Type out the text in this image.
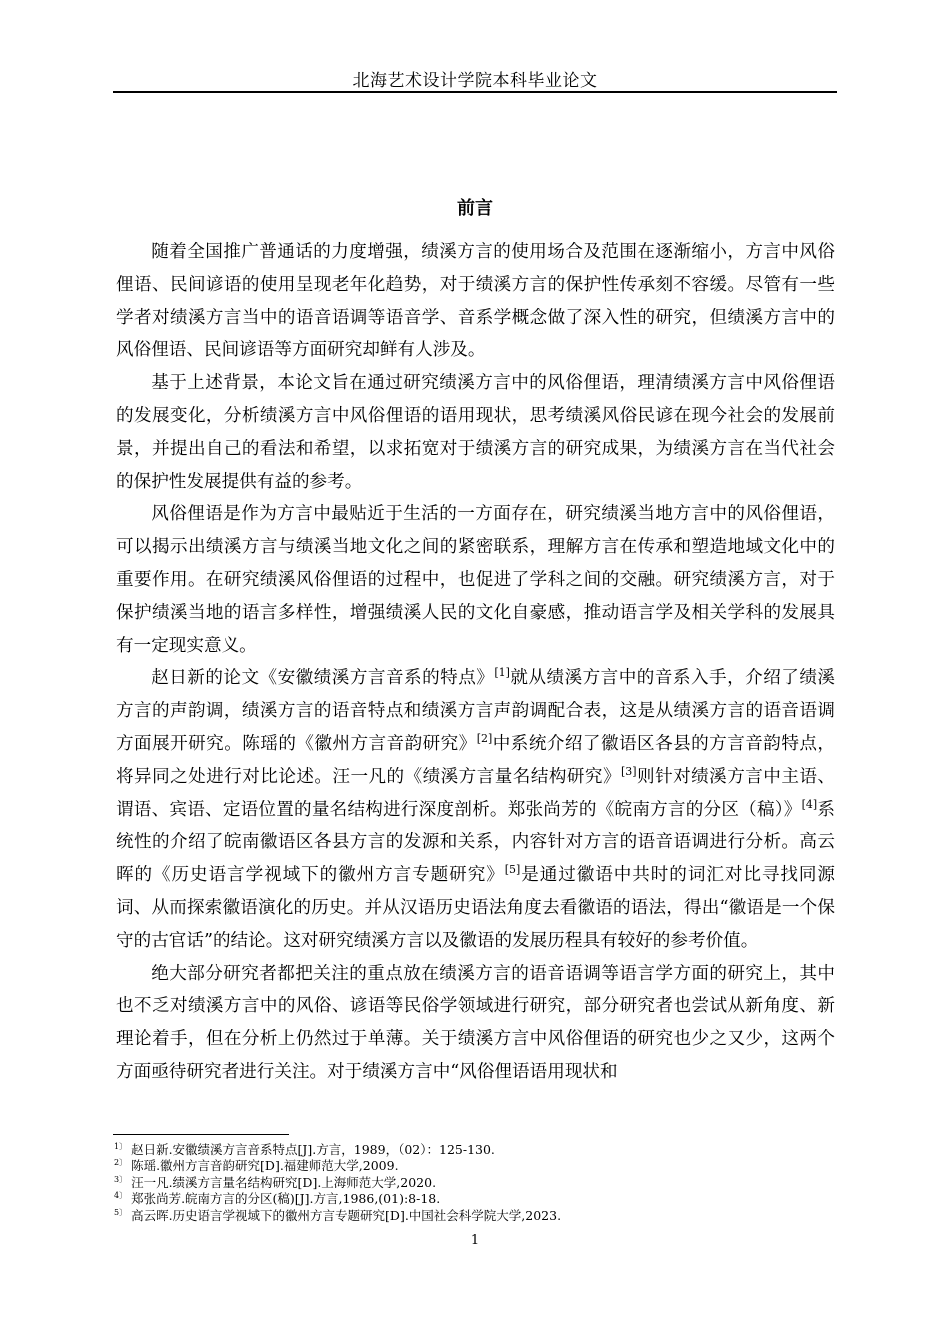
北海艺术设计学院本科毕业论文
前言

随着全国推广普通话的力度增强，绩溪方言的使用场合及范围在逐渐缩小，方言中风俗俚语、民间谚语的使用呈现老年化趋势，对于绩溪方言的保护性传承刻不容缓。尽管有一些学者对绩溪方言当中的语音语调等语音学、音系学概念做了深入性的研究，但绩溪方言中的风俗俚语、民间谚语等方面研究却鲜有人涉及。

基于上述背景，本论文旨在通过研究绩溪方言中的风俗俚语，理清绩溪方言中风俗俚语的发展变化，分析绩溪方言中风俗俚语的语用现状，思考绩溪风俗民谚在现今社会的发展前景，并提出自己的看法和希望，以求拓宽对于绩溪方言的研究成果，为绩溪方言在当代社会的保护性发展提供有益的参考。

风俗俚语是作为方言中最贴近于生活的一方面存在，研究绩溪当地方言中的风俗俚语，可以揭示出绩溪方言与绩溪当地文化之间的紧密联系，理解方言在传承和塑造地域文化中的重要作用。在研究绩溪风俗俚语的过程中，也促进了学科之间的交融。研究绩溪方言，对于保护绩溪当地的语言多样性，增强绩溪人民的文化自豪感，推动语言学及相关学科的发展具有一定现实意义。

赵日新的论文《安徽绩溪方言音系的特点》[1]就从绩溪方言中的音系入手，介绍了绩溪方言的声韵调，绩溪方言的语音特点和绩溪方言声韵调配合表，这是从绩溪方言的语音语调方面展开研究。陈瑶的《徽州方言音韵研究》[2]中系统介绍了徽语区各县的方言音韵特点，将异同之处进行对比论述。汪一凡的《绩溪方言量名结构研究》[3]则针对绩溪方言中主语、谓语、宾语、定语位置的量名结构进行深度剖析。郑张尚芳的《皖南方言的分区（稿）》[4]系统性的介绍了皖南徽语区各县方言的发源和关系，内容针对方言的语音语调进行分析。高云晖的《历史语言学视域下的徽州方言专题研究》[5]是通过徽语中共时的词汇对比寻找同源词、从而探索徽语演化的历史。并从汉语历史语法角度去看徽语的语法，得出“徽语是一个保守的古官话”的结论。这对研究绩溪方言以及徽语的发展历程具有较好的参考价值。

绝大部分研究者都把关注的重点放在绩溪方言的语音语调等语言学方面的研究上，其中也不乏对绩溪方言中的风俗、谚语等民俗学领域进行研究，部分研究者也尝试从新角度、新理论着手，但在分析上仍然过于单薄。关于绩溪方言中风俗俚语的研究也少之又少，这两个方面亟待研究者进行关注。对于绩溪方言中“风俗俚语语用现状和

$^{1〕}$ 赵日新.安徽绩溪方言音系特点[J].方言，1989，（02）：125-130.
$^{2〕}$ 陈瑶.徽州方言音韵研究[D].福建师范大学,2009.
$^{3〕}$ 汪一凡.绩溪方言量名结构研究[D].上海师范大学,2020.
$^{4〕}$ 郑张尚芳.皖南方言的分区(稿)[J].方言,1986,(01):8-18.
$^{5〕}$ 高云晖.历史语言学视域下的徽州方言专题研究[D].中国社会科学院大学,2023.
1
